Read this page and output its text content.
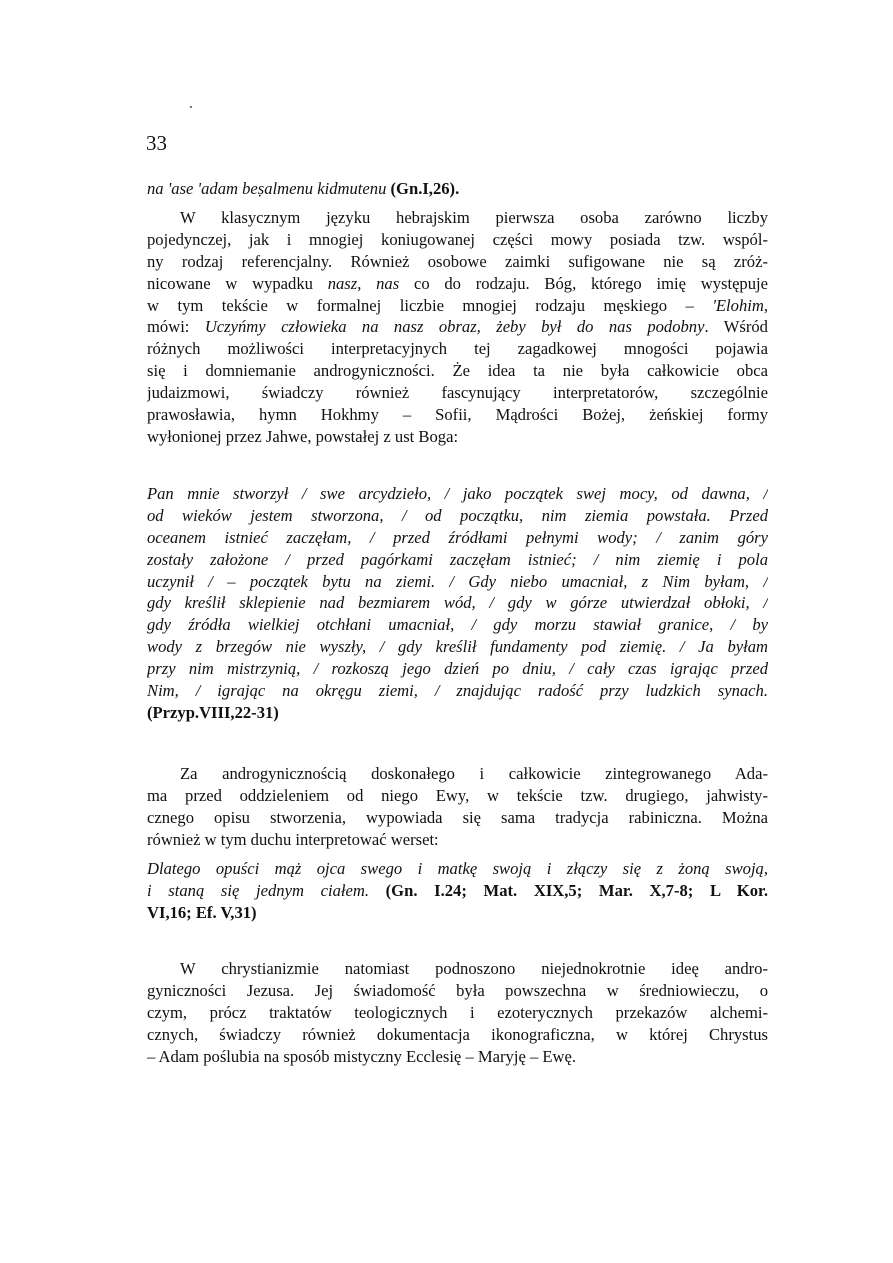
33
na 'ase 'adam beṣalmenu kidmutenu (Gn.I,26).
W klasycznym języku hebrajskim pierwsza osoba zarówno liczby
pojedynczej, jak i mnogiej koniugowanej części mowy posiada tzw. wspól-
ny rodzaj referencjalny. Również osobowe zaimki sufigowane nie są zróż-
nicowane w wypadku nasz, nas co do rodzaju. Bóg, którego imię występuje
w tym tekście w formalnej liczbie mnogiej rodzaju męskiego – 'Elohim,
mówi: Uczyńmy człowieka na nasz obraz, żeby był do nas podobny. Wśród
różnych możliwości interpretacyjnych tej zagadkowej mnogości pojawia
się i domniemanie androgyniczności. Że idea ta nie była całkowicie obca
judaizmowi, świadczy również fascynujący interpretatorów, szczególnie
prawosławia, hymn Hokhmy – Sofii, Mądrości Bożej, żeńskiej formy
wyłonionej przez Jahwe, powstałej z ust Boga:
Pan mnie stworzył / swe arcydzieło, / jako początek swej mocy, od dawna, /
od wieków jestem stworzona, / od początku, nim ziemia powstała. Przed
oceanem istnieć zaczęłam, / przed źródłami pełnymi wody; / zanim góry
zostały założone / przed pagórkami zaczęłam istnieć; / nim ziemię i pola
uczynił / – początek bytu na ziemi. / Gdy niebo umacniał, z Nim byłam, /
gdy kreślił sklepienie nad bezmiarem wód, / gdy w górze utwierdzał obłoki, /
gdy źródła wielkiej otchłani umacniał, / gdy morzu stawiał granice, / by
wody z brzegów nie wyszły, / gdy kreślił fundamenty pod ziemię. / Ja byłam
przy nim mistrzynią, / rozkoszą jego dzień po dniu, / cały czas igrając przed
Nim, / igrając na okręgu ziemi, / znajdując radość przy ludzkich synach.
(Przyp.VIII,22-31)
Za androgynicznością doskonałego i całkowicie zintegrowanego Ada-
ma przed oddzieleniem od niego Ewy, w tekście tzw. drugiego, jahwisty-
cznego opisu stworzenia, wypowiada się sama tradycja rabiniczna. Można
również w tym duchu interpretować werset:
Dlatego opuści mąż ojca swego i matkę swoją i złączy się z żoną swoją,
i staną się jednym ciałem. (Gn. I.24; Mat. XIX,5; Mar. X,7-8; L Kor.
VI,16; Ef. V,31)
W chrystianizmie natomiast podnoszono niejednokrotnie ideę andro-
gyniczności Jezusa. Jej świadomość była powszechna w średniowieczu, o
czym, prócz traktatów teologicznych i ezoterycznych przekazów alchemi-
cznych, świadczy również dokumentacja ikonograficzna, w której Chrystus
– Adam poślubia na sposób mistyczny Ecclesię – Maryję – Ewę.
